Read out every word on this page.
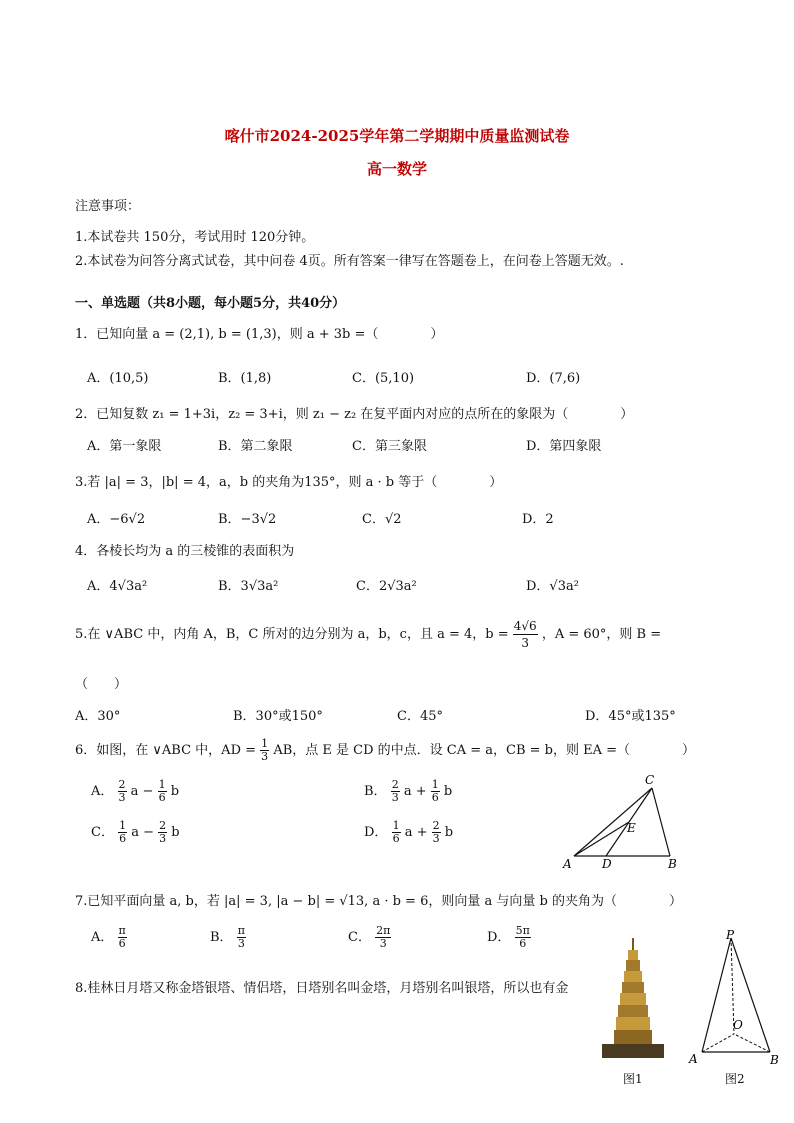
喀什市2024-2025学年第二学期期中质量监测试卷
高一数学
注意事项：
1.本试卷共 150分，考试用时 120分钟。
2.本试卷为问答分离式试卷，其中问卷 4页。所有答案一律写在答题卷上，在问卷上答题无效。.
一、单选题（共8小题，每小题5分，共40分）
1．已知向量 a = (2,1), b = (1,3)，则 a + 3b =（　　　　）
A．(10,5)	B．(1,8)	C．(5,10)	D．(7,6)
2．已知复数 z₁ = 1+3i，z₂ = 3+i，则 z₁ − z₂ 在复平面内对应的点所在的象限为（　　　　）
A．第一象限	B．第二象限	C．第三象限	D．第四象限
3.若 |a| = 3，|b| = 4，a，b 的夹角为135°，则 a · b 等于（　　　　）
A．−6√2	B．−3√2	C．√2	D．2
4．各棱长均为 a 的三棱锥的表面积为
A．4√3a²	B．3√3a²	C．2√3a²	D．√3a²
5.在 ∨ABC 中，内角 A，B，C 所对的边分别为 a，b，c，且 a = 4，$b = \frac{4√6}{3}$ ，A = 60°，则 B =
（　　）
A．30°	B．30°或150°	C．45°	D．45°或135°
6．如图，在 ∨ABC 中，AD = $\frac{1}{3}$ AB，点 E 是 CD 的中点．设 CA = a，CB = b，则 EA =（　　　　）
A． $\frac{2}{3}$ $a - \frac{1}{6}$ b	B． $\frac{2}{3}$ $a + \frac{1}{6}$ b
C． $\frac{1}{6}$ $a - \frac{2}{3}$ b	D． $\frac{1}{6}$ $a + \frac{2}{3}$ b
A	D	B
C
E
7.已知平面向量 a, b，若 |a| = 3, |a − b| = √13, a · b = 6，则向量 a 与向量 b 的夹角为（　　　　）
A． $\frac{\pi}{6}$	B． $\frac{\pi}{3}$	C． $\frac{2\pi}{3}$	D． $\frac{5\pi}{6}$
8.桂林日月塔又称金塔银塔、情侣塔，日塔别名叫金塔，月塔别名叫银塔，所以也有金
P
O
A	B
图1	图2
